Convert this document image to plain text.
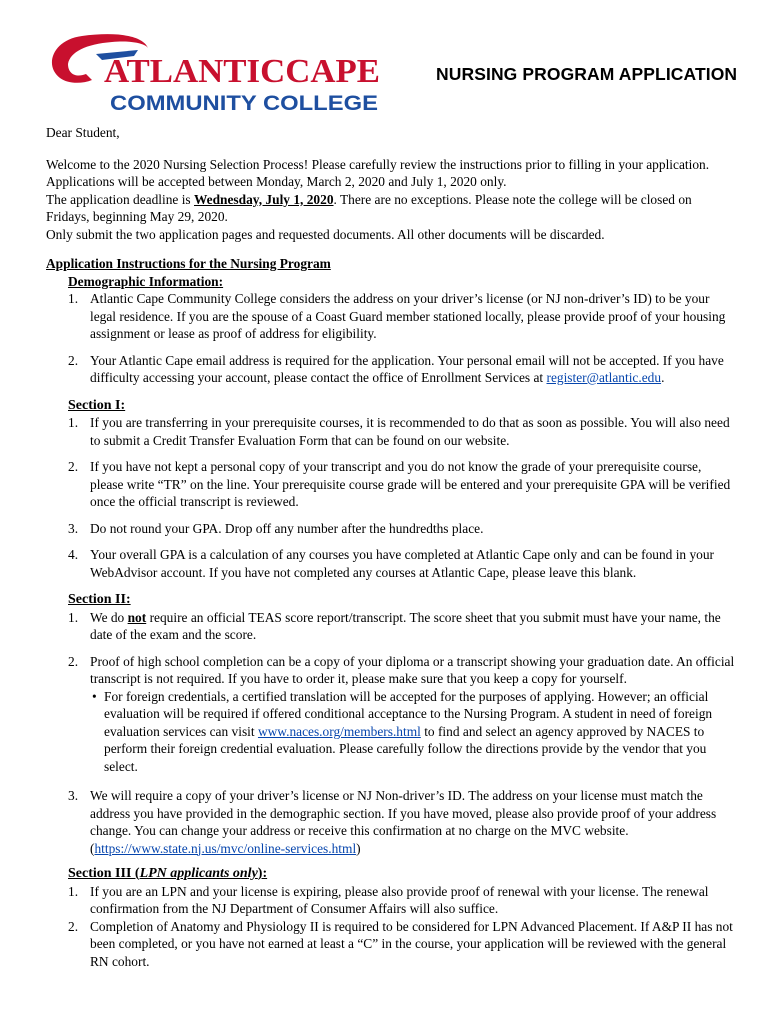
ATLANTICCAPE
COMMUNITY COLLEGE
NURSING PROGRAM APPLICATION

Dear Student,

Welcome to the 2020 Nursing Selection Process! Please carefully review the instructions prior to filling in your application. Applications will be accepted between Monday, March 2, 2020 and July 1, 2020 only.

The application deadline is Wednesday, July 1, 2020. There are no exceptions. Please note the college will be closed on Fridays, beginning May 29, 2020.

Only submit the two application pages and requested documents. All other documents will be discarded.

Application Instructions for the Nursing Program

Demographic Information:

1. Atlantic Cape Community College considers the address on your driver’s license (or NJ non-driver’s ID) to be your legal residence. If you are the spouse of a Coast Guard member stationed locally, please provide proof of your housing assignment or lease as proof of address for eligibility.
2. Your Atlantic Cape email address is required for the application. Your personal email will not be accepted. If you have difficulty accessing your account, please contact the office of Enrollment Services at register@atlantic.edu.

Section I:

1. If you are transferring in your prerequisite courses, it is recommended to do that as soon as possible. You will also need to submit a Credit Transfer Evaluation Form that can be found on our website.
2. If you have not kept a personal copy of your transcript and you do not know the grade of your prerequisite course, please write “TR” on the line. Your prerequisite course grade will be entered and your prerequisite GPA will be verified once the official transcript is reviewed.
3. Do not round your GPA. Drop off any number after the hundredths place.
4. Your overall GPA is a calculation of any courses you have completed at Atlantic Cape only and can be found in your WebAdvisor account. If you have not completed any courses at Atlantic Cape, please leave this blank.

Section II:

1. We do not require an official TEAS score report/transcript. The score sheet that you submit must have your name, the date of the exam and the score.
2. Proof of high school completion can be a copy of your diploma or a transcript showing your graduation date. An official transcript is not required. If you have to order it, please make sure that you keep a copy for yourself.
• For foreign credentials, a certified translation will be accepted for the purposes of applying. However; an official evaluation will be required if offered conditional acceptance to the Nursing Program. A student in need of foreign evaluation services can visit www.naces.org/members.html to find and select an agency approved by NACES to perform their foreign credential evaluation. Please carefully follow the directions provide by the vendor that you select.
3. We will require a copy of your driver’s license or NJ Non-driver’s ID. The address on your license must match the address you have provided in the demographic section. If you have moved, please also provide proof of your address change. You can change your address or receive this confirmation at no charge on the MVC website. (https://www.state.nj.us/mvc/online-services.html)

Section III (LPN applicants only):

1. If you are an LPN and your license is expiring, please also provide proof of renewal with your license. The renewal confirmation from the NJ Department of Consumer Affairs will also suffice.
2. Completion of Anatomy and Physiology II is required to be considered for LPN Advanced Placement. If A&P II has not been completed, or you have not earned at least a “C” in the course, your application will be reviewed with the general RN cohort.
